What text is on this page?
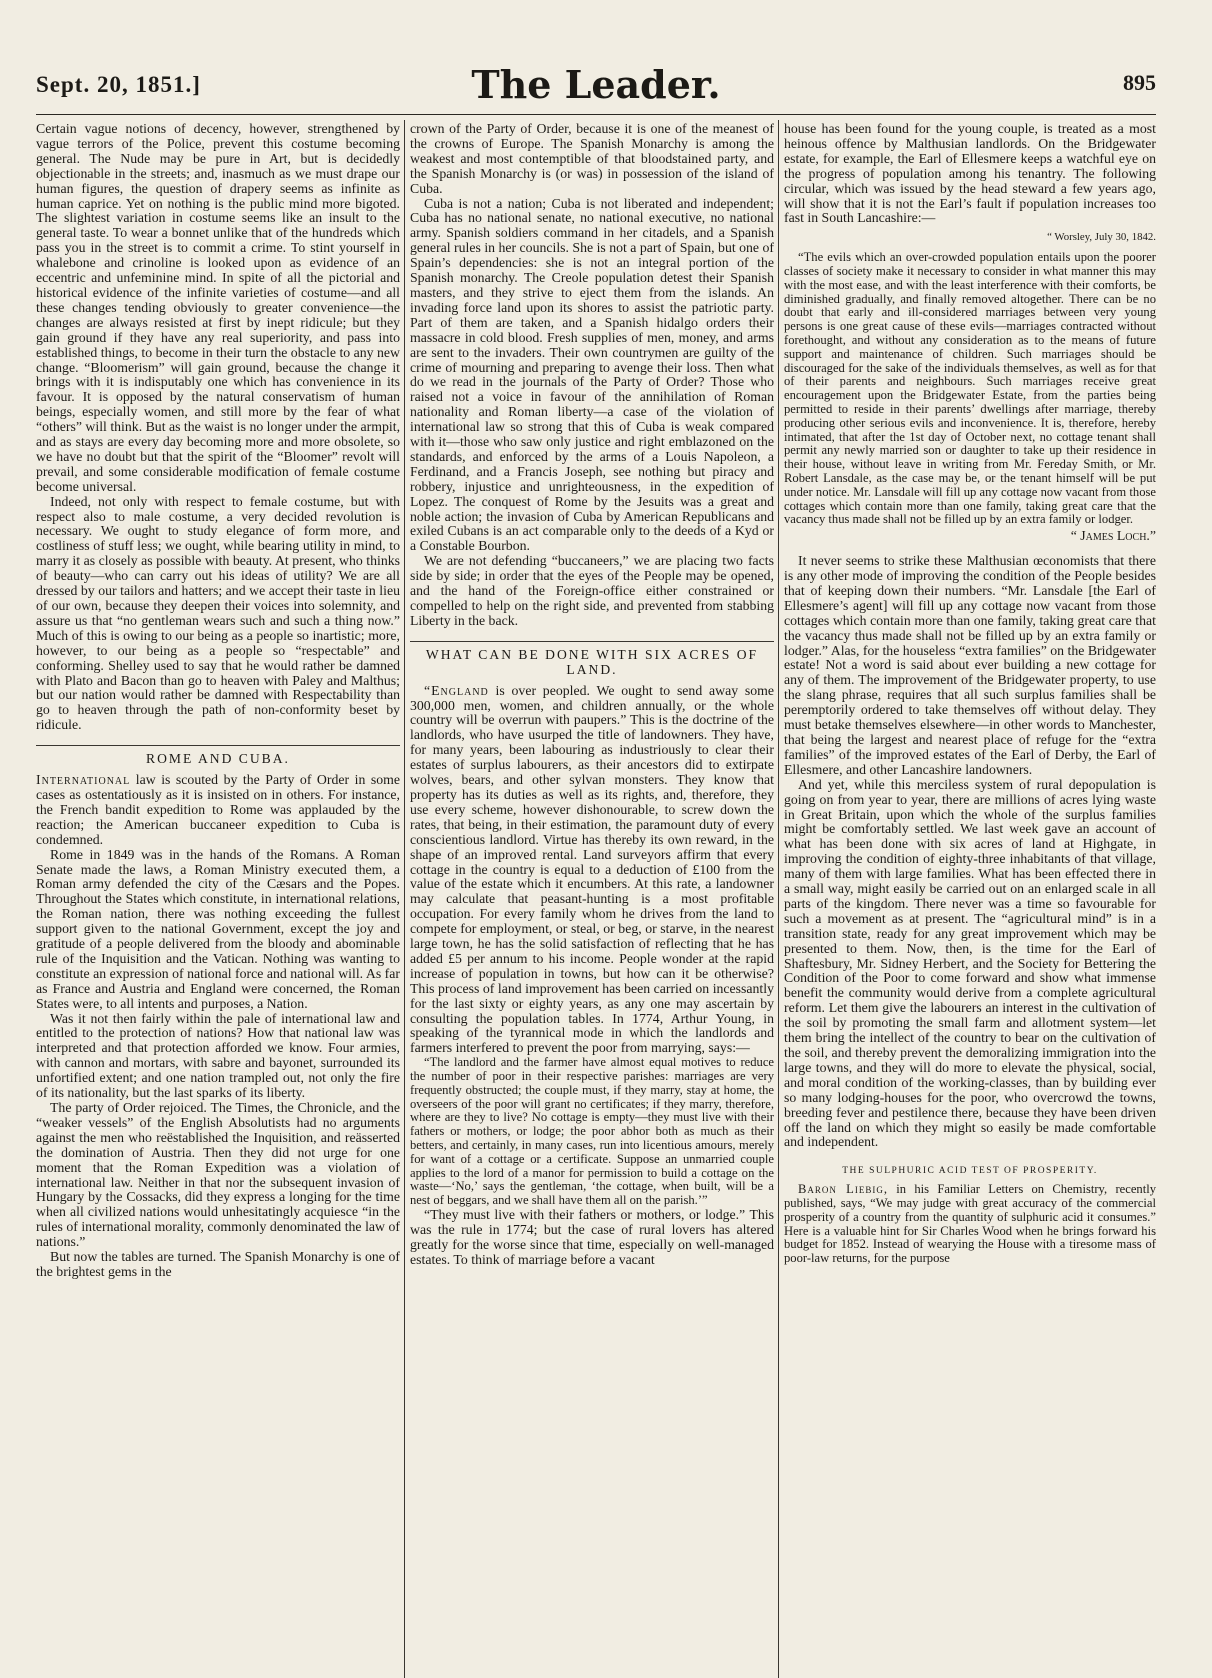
Sept. 20, 1851.]	The Leader.	895

Certain vague notions of decency, however, strengthened by vague terrors of the Police, prevent this costume becoming general. The Nude may be pure in Art, but is decidedly objectionable in the streets; and, inasmuch as we must drape our human figures, the question of drapery seems as infinite as human caprice. Yet on nothing is the public mind more bigoted. The slightest variation in costume seems like an insult to the general taste. To wear a bonnet unlike that of the hundreds which pass you in the street is to commit a crime. To stint yourself in whalebone and crinoline is looked upon as evidence of an eccentric and unfeminine mind. In spite of all the pictorial and historical evidence of the infinite varieties of costume—and all these changes tending obviously to greater convenience—the changes are always resisted at first by inept ridicule; but they gain ground if they have any real superiority, and pass into established things, to become in their turn the obstacle to any new change. “Bloomerism” will gain ground, because the change it brings with it is indisputably one which has convenience in its favour. It is opposed by the natural conservatism of human beings, especially women, and still more by the fear of what “others” will think. But as the waist is no longer under the armpit, and as stays are every day becoming more and more obsolete, so we have no doubt but that the spirit of the “Bloomer” revolt will prevail, and some considerable modification of female costume become universal.

Indeed, not only with respect to female costume, but with respect also to male costume, a very decided revolution is necessary. We ought to study elegance of form more, and costliness of stuff less; we ought, while bearing utility in mind, to marry it as closely as possible with beauty. At present, who thinks of beauty—who can carry out his ideas of utility? We are all dressed by our tailors and hatters; and we accept their taste in lieu of our own, because they deepen their voices into solemnity, and assure us that “no gentleman wears such and such a thing now.” Much of this is owing to our being as a people so inartistic; more, however, to our being as a people so “respectable” and conforming. Shelley used to say that he would rather be damned with Plato and Bacon than go to heaven with Paley and Malthus; but our nation would rather be damned with Respectability than go to heaven through the path of non-conformity beset by ridicule.

ROME AND CUBA.

International law is scouted by the Party of Order in some cases as ostentatiously as it is insisted on in others. For instance, the French bandit expedition to Rome was applauded by the reaction; the American buccaneer expedition to Cuba is condemned.

Rome in 1849 was in the hands of the Romans. A Roman Senate made the laws, a Roman Ministry executed them, a Roman army defended the city of the Cæsars and the Popes. Throughout the States which constitute, in international relations, the Roman nation, there was nothing exceeding the fullest support given to the national Government, except the joy and gratitude of a people delivered from the bloody and abominable rule of the Inquisition and the Vatican. Nothing was wanting to constitute an expression of national force and national will. As far as France and Austria and England were concerned, the Roman States were, to all intents and purposes, a Nation.

Was it not then fairly within the pale of international law and entitled to the protection of nations? How that national law was interpreted and that protection afforded we know. Four armies, with cannon and mortars, with sabre and bayonet, surrounded its unfortified extent; and one nation trampled out, not only the fire of its nationality, but the last sparks of its liberty.

The party of Order rejoiced. The Times, the Chronicle, and the “weaker vessels” of the English Absolutists had no arguments against the men who reëstablished the Inquisition, and reässerted the domination of Austria. Then they did not urge for one moment that the Roman Expedition was a violation of international law. Neither in that nor the subsequent invasion of Hungary by the Cossacks, did they express a longing for the time when all civilized nations would unhesitatingly acquiesce “in the rules of international morality, commonly denominated the law of nations.”

But now the tables are turned. The Spanish Monarchy is one of the brightest gems in the

crown of the Party of Order, because it is one of the meanest of the crowns of Europe. The Spanish Monarchy is among the weakest and most contemptible of that bloodstained party, and the Spanish Monarchy is (or was) in possession of the island of Cuba.

Cuba is not a nation; Cuba is not liberated and independent; Cuba has no national senate, no national executive, no national army. Spanish soldiers command in her citadels, and a Spanish general rules in her councils. She is not a part of Spain, but one of Spain’s dependencies: she is not an integral portion of the Spanish monarchy. The Creole population detest their Spanish masters, and they strive to eject them from the islands. An invading force land upon its shores to assist the patriotic party. Part of them are taken, and a Spanish hidalgo orders their massacre in cold blood. Fresh supplies of men, money, and arms are sent to the invaders. Their own countrymen are guilty of the crime of mourning and preparing to avenge their loss. Then what do we read in the journals of the Party of Order? Those who raised not a voice in favour of the annihilation of Roman nationality and Roman liberty—a case of the violation of international law so strong that this of Cuba is weak compared with it—those who saw only justice and right emblazoned on the standards, and enforced by the arms of a Louis Napoleon, a Ferdinand, and a Francis Joseph, see nothing but piracy and robbery, injustice and unrighteousness, in the expedition of Lopez. The conquest of Rome by the Jesuits was a great and noble action; the invasion of Cuba by American Republicans and exiled Cubans is an act comparable only to the deeds of a Kyd or a Constable Bourbon.

We are not defending “buccaneers,” we are placing two facts side by side; in order that the eyes of the People may be opened, and the hand of the Foreign-office either constrained or compelled to help on the right side, and prevented from stabbing Liberty in the back.

WHAT CAN BE DONE WITH SIX ACRES OF LAND.

“England is over peopled. We ought to send away some 300,000 men, women, and children annually, or the whole country will be overrun with paupers.” This is the doctrine of the landlords, who have usurped the title of landowners. They have, for many years, been labouring as industriously to clear their estates of surplus labourers, as their ancestors did to extirpate wolves, bears, and other sylvan monsters. They know that property has its duties as well as its rights, and, therefore, they use every scheme, however dishonourable, to screw down the rates, that being, in their estimation, the paramount duty of every conscientious landlord. Virtue has thereby its own reward, in the shape of an improved rental. Land surveyors affirm that every cottage in the country is equal to a deduction of £100 from the value of the estate which it encumbers. At this rate, a landowner may calculate that peasant-hunting is a most profitable occupation. For every family whom he drives from the land to compete for employment, or steal, or beg, or starve, in the nearest large town, he has the solid satisfaction of reflecting that he has added £5 per annum to his income. People wonder at the rapid increase of population in towns, but how can it be otherwise? This process of land improvement has been carried on incessantly for the last sixty or eighty years, as any one may ascertain by consulting the population tables. In 1774, Arthur Young, in speaking of the tyrannical mode in which the landlords and farmers interfered to prevent the poor from marrying, says:—

“The landlord and the farmer have almost equal motives to reduce the number of poor in their respective parishes: marriages are very frequently obstructed; the couple must, if they marry, stay at home, the overseers of the poor will grant no certificates; if they marry, therefore, where are they to live? No cottage is empty—they must live with their fathers or mothers, or lodge; the poor abhor both as much as their betters, and certainly, in many cases, run into licentious amours, merely for want of a cottage or a certificate. Suppose an unmarried couple applies to the lord of a manor for permission to build a cottage on the waste—‘No,’ says the gentleman, ‘the cottage, when built, will be a nest of beggars, and we shall have them all on the parish.’”

“They must live with their fathers or mothers, or lodge.” This was the rule in 1774; but the case of rural lovers has altered greatly for the worse since that time, especially on well-managed estates. To think of marriage before a vacant

house has been found for the young couple, is treated as a most heinous offence by Malthusian landlords. On the Bridgewater estate, for example, the Earl of Ellesmere keeps a watchful eye on the progress of population among his tenantry. The following circular, which was issued by the head steward a few years ago, will show that it is not the Earl’s fault if population increases too fast in South Lancashire:—

“ Worsley, July 30, 1842.

“The evils which an over-crowded population entails upon the poorer classes of society make it necessary to consider in what manner this may with the most ease, and with the least interference with their comforts, be diminished gradually, and finally removed altogether. There can be no doubt that early and ill-considered marriages between very young persons is one great cause of these evils—marriages contracted without forethought, and without any consideration as to the means of future support and maintenance of children. Such marriages should be discouraged for the sake of the individuals themselves, as well as for that of their parents and neighbours. Such marriages receive great encouragement upon the Bridgewater Estate, from the parties being permitted to reside in their parents’ dwellings after marriage, thereby producing other serious evils and inconvenience. It is, therefore, hereby intimated, that after the 1st day of October next, no cottage tenant shall permit any newly married son or daughter to take up their residence in their house, without leave in writing from Mr. Fereday Smith, or Mr. Robert Lansdale, as the case may be, or the tenant himself will be put under notice. Mr. Lansdale will fill up any cottage now vacant from those cottages which contain more than one family, taking great care that the vacancy thus made shall not be filled up by an extra family or lodger.

“ James Loch.”

It never seems to strike these Malthusian œconomists that there is any other mode of improving the condition of the People besides that of keeping down their numbers. “Mr. Lansdale [the Earl of Ellesmere’s agent] will fill up any cottage now vacant from those cottages which contain more than one family, taking great care that the vacancy thus made shall not be filled up by an extra family or lodger.” Alas, for the houseless “extra families” on the Bridgewater estate! Not a word is said about ever building a new cottage for any of them. The improvement of the Bridgewater property, to use the slang phrase, requires that all such surplus families shall be peremptorily ordered to take themselves off without delay. They must betake themselves elsewhere—in other words to Manchester, that being the largest and nearest place of refuge for the “extra families” of the improved estates of the Earl of Derby, the Earl of Ellesmere, and other Lancashire landowners.

And yet, while this merciless system of rural depopulation is going on from year to year, there are millions of acres lying waste in Great Britain, upon which the whole of the surplus families might be comfortably settled. We last week gave an account of what has been done with six acres of land at Highgate, in improving the condition of eighty-three inhabitants of that village, many of them with large families. What has been effected there in a small way, might easily be carried out on an enlarged scale in all parts of the kingdom. There never was a time so favourable for such a movement as at present. The “agricultural mind” is in a transition state, ready for any great improvement which may be presented to them. Now, then, is the time for the Earl of Shaftesbury, Mr. Sidney Herbert, and the Society for Bettering the Condition of the Poor to come forward and show what immense benefit the community would derive from a complete agricultural reform. Let them give the labourers an interest in the cultivation of the soil by promoting the small farm and allotment system—let them bring the intellect of the country to bear on the cultivation of the soil, and thereby prevent the demoralizing immigration into the large towns, and they will do more to elevate the physical, social, and moral condition of the working-classes, than by building ever so many lodging-houses for the poor, who overcrowd the towns, breeding fever and pestilence there, because they have been driven off the land on which they might so easily be made comfortable and independent.

THE SULPHURIC ACID TEST OF PROSPERITY.

Baron Liebig, in his Familiar Letters on Chemistry, recently published, says, “We may judge with great accuracy of the commercial prosperity of a country from the quantity of sulphuric acid it consumes.” Here is a valuable hint for Sir Charles Wood when he brings forward his budget for 1852. Instead of wearying the House with a tiresome mass of poor-law returns, for the purpose
